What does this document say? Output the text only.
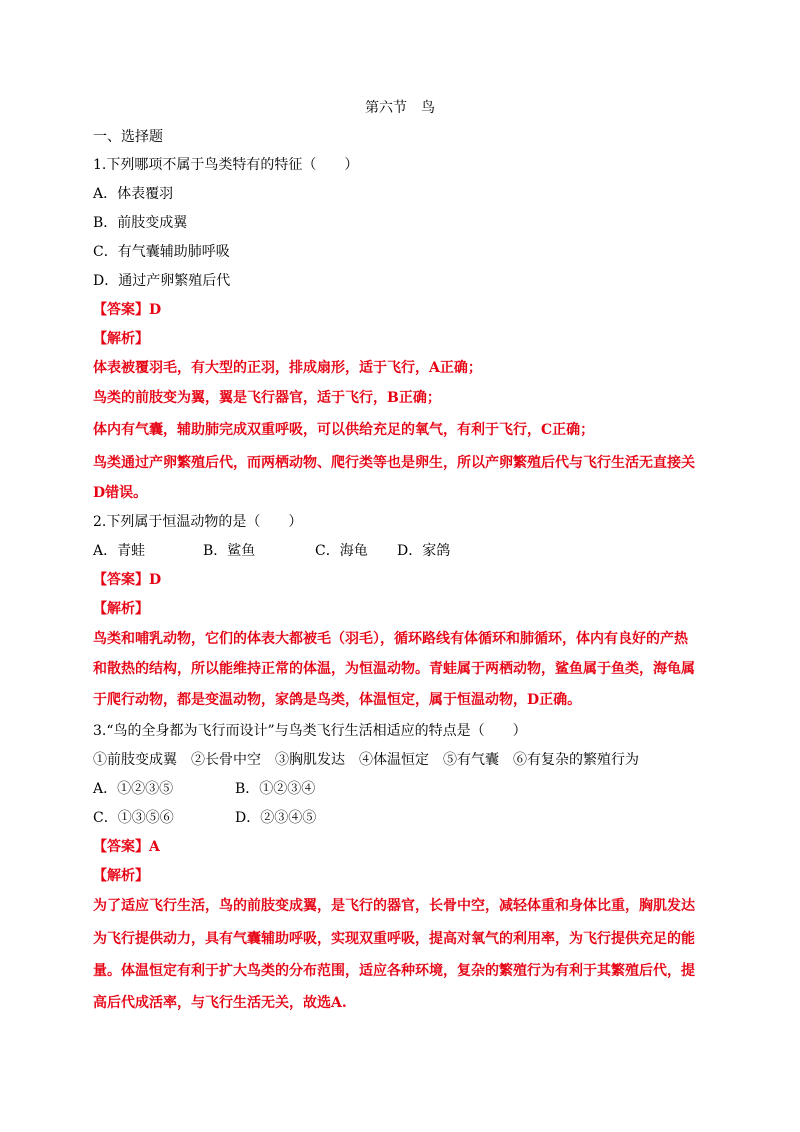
第六节　鸟
一、选择题
1.下列哪项不属于鸟类特有的特征（　　）
A．体表覆羽
B．前肢变成翼
C．有气囊辅助肺呼吸
D．通过产卵繁殖后代
【答案】D
【解析】
体表被覆羽毛，有大型的正羽，排成扇形，适于飞行，A正确；
鸟类的前肢变为翼，翼是飞行器官，适于飞行，B正确；
体内有气囊，辅助肺完成双重呼吸，可以供给充足的氧气，有利于飞行，C正确；
鸟类通过产卵繁殖后代，而两栖动物、爬行类等也是卵生，所以产卵繁殖后代与飞行生活无直接关
D错误。
2.下列属于恒温动物的是（　　）
A．青蛙	B．鲨鱼	C．海龟 D．家鸽
【答案】D
【解析】
鸟类和哺乳动物，它们的体表大都被毛（羽毛），循环路线有体循环和肺循环，体内有良好的产热
和散热的结构，所以能维持正常的体温，为恒温动物。青蛙属于两栖动物，鲨鱼属于鱼类，海龟属
于爬行动物，都是变温动物，家鸽是鸟类，体温恒定，属于恒温动物，D正确。
3.“鸟的全身都为飞行而设计”与鸟类飞行生活相适应的特点是（　　）
①前肢变成翼　②长骨中空　③胸肌发达　④体温恒定　⑤有气囊　⑥有复杂的繁殖行为
A．①②③⑤	B．①②③④
C．①③⑤⑥	D．②③④⑤
【答案】A
【解析】
为了适应飞行生活，鸟的前肢变成翼，是飞行的器官，长骨中空，减轻体重和身体比重，胸肌发达
为飞行提供动力，具有气囊辅助呼吸，实现双重呼吸，提高对氧气的利用率，为飞行提供充足的能
量。体温恒定有利于扩大鸟类的分布范围，适应各种环境，复杂的繁殖行为有利于其繁殖后代，提
高后代成活率，与飞行生活无关，故选A.
